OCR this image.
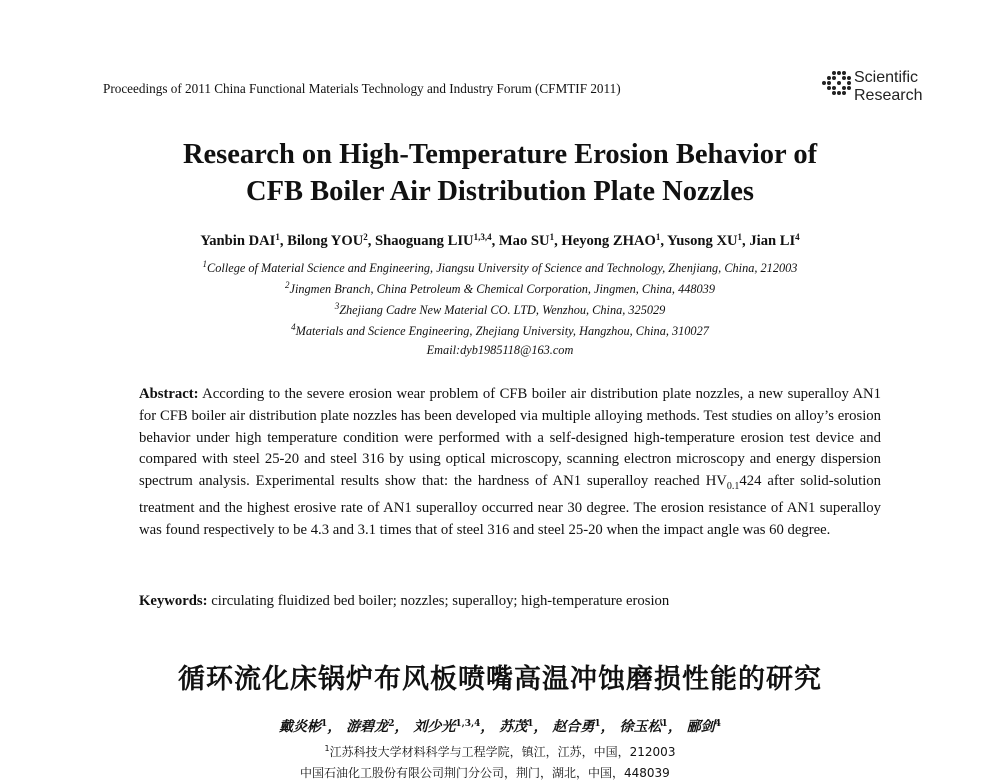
Proceedings of 2011 China Functional Materials Technology and Industry Forum (CFMTIF 2011)
Scientific
Research
Research on High-Temperature Erosion Behavior of
CFB Boiler Air Distribution Plate Nozzles
Yanbin DAI$^1$, Bilong YOU$^2$, Shaoguang LIU$^{1,3,4}$, Mao $SU^1$, Heyong ZHAO$^1$, Yusong $XU^1$, Jian $LI^4$
$^1$College of Material Science and Engineering, Jiangsu University of Science and Technology, Zhenjiang, China, 212003
$^2$Jingmen Branch, China Petroleum & Chemical Corporation, Jingmen, China, 448039
$^3$Zhejiang Cadre New Material CO. LTD, Wenzhou, China, 325029
$^4$Materials and Science Engineering, Zhejiang University, Hangzhou, China, 310027
Email:dyb1985118@163.com
Abstract: According to the severe erosion wear problem of CFB boiler air distribution plate nozzles, a new superalloy AN1 for CFB boiler air distribution plate nozzles has been developed via multiple alloying methods. Test studies on alloy’s erosion behavior under high temperature condition were performed with a self-designed high-temperature erosion test device and compared with steel 25-20 and steel 316 by using optical microscopy, scanning electron microscopy and energy dispersion spectrum analysis. Experimental results show that: the hardness of AN1 superalloy reached $HV_{0.1}424$ after solid-solution treatment and the highest erosive rate of AN1 superalloy occurred near 30 degree. The erosion resistance of AN1 superalloy was found respectively to be 4.3 and 3.1 times that of steel 316 and steel 25-20 when the impact angle was 60 degree.
Keywords: circulating fluidized bed boiler; nozzles; superalloy; high-temperature erosion
循环流化床锅炉布风板喷嘴高温冲蚀磨损性能的研究
戴炎彬$^1$， 游碧龙$^2$， 刘少光$^{1,3,4}$， 苏茂$^1$， 赵合勇$^1$， 徐玉松$^1$， 郦剑$^4$
$^1$江苏科技大学材料科学与工程学院，镇江，江苏，中国，212003
中国石油化工股份有限公司荆门分公司，荆门，湖北，中国，448039
